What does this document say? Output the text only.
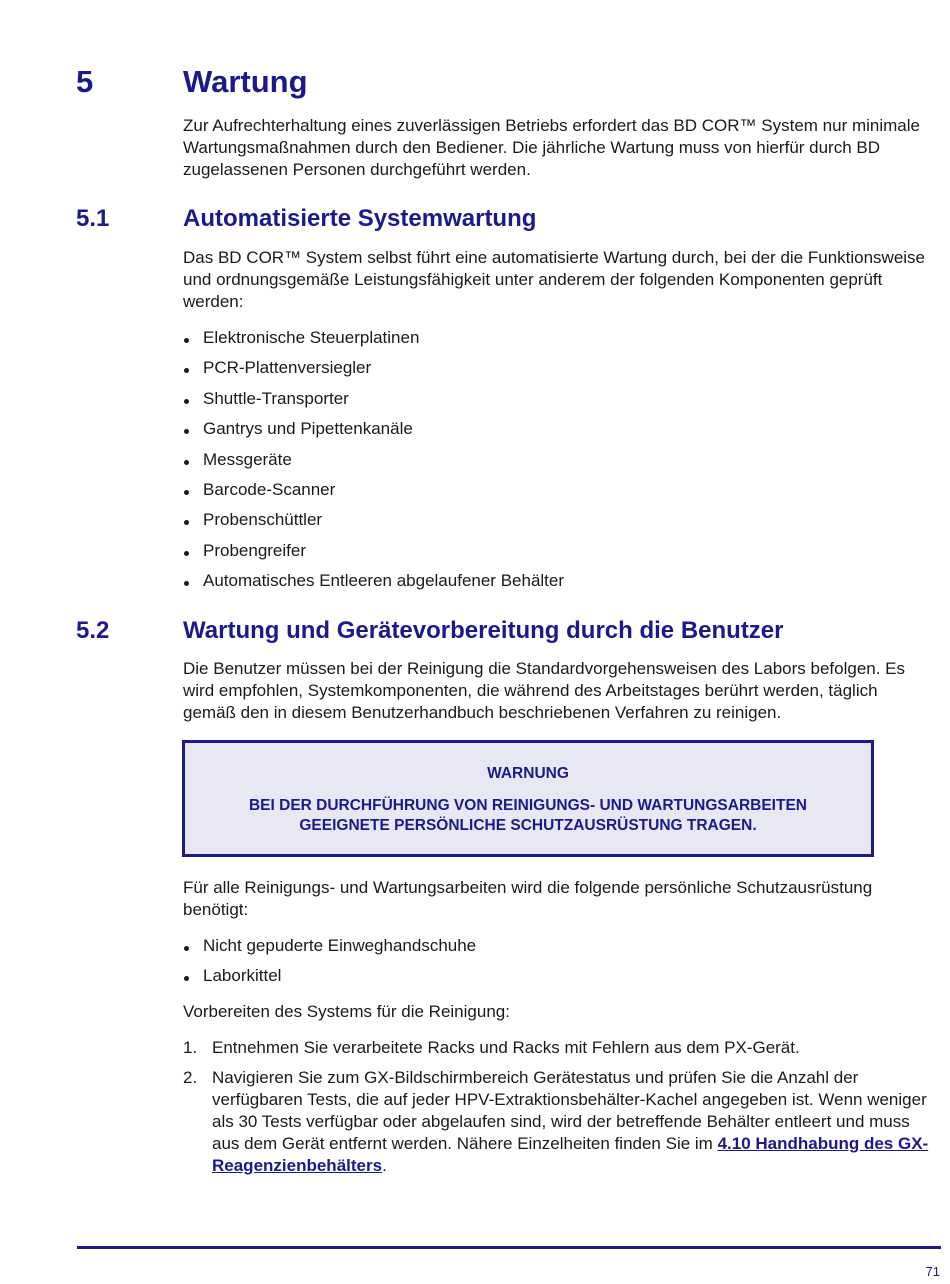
5	Wartung

Zur Aufrechterhaltung eines zuverlässigen Betriebs erfordert das BD COR™ System nur minimale Wartungsmaßnahmen durch den Bediener. Die jährliche Wartung muss von hierfür durch BD zugelassenen Personen durchgeführt werden.

5.1	Automatisierte Systemwartung

Das BD COR™ System selbst führt eine automatisierte Wartung durch, bei der die Funktionsweise und ordnungsgemäße Leistungsfähigkeit unter anderem der folgenden Komponenten geprüft werden:

Elektronische Steuerplatinen
PCR-Plattenversiegler
Shuttle-Transporter
Gantrys und Pipettenkanäle
Messgeräte
Barcode-Scanner
Probenschüttler
Probengreifer
Automatisches Entleeren abgelaufener Behälter
5.2	Wartung und Gerätevorbereitung durch die Benutzer

Die Benutzer müssen bei der Reinigung die Standardvorgehensweisen des Labors befolgen. Es wird empfohlen, Systemkomponenten, die während des Arbeitstages berührt werden, täglich gemäß den in diesem Benutzerhandbuch beschriebenen Verfahren zu reinigen.

WARNUNG
BEI DER DURCHFÜHRUNG VON REINIGUNGS- UND WARTUNGSARBEITEN GEEIGNETE PERSÖNLICHE SCHUTZAUSRÜSTUNG TRAGEN.

Für alle Reinigungs- und Wartungsarbeiten wird die folgende persönliche Schutzausrüstung benötigt:

Nicht gepuderte Einweghandschuhe
Laborkittel

Vorbereiten des Systems für die Reinigung:

1. Entnehmen Sie verarbeitete Racks und Racks mit Fehlern aus dem PX-Gerät.
2. Navigieren Sie zum GX-Bildschirmbereich Gerätestatus und prüfen Sie die Anzahl der verfügbaren Tests, die auf jeder HPV-Extraktionsbehälter-Kachel angegeben ist. Wenn weniger als 30 Tests verfügbar oder abgelaufen sind, wird der betreffende Behälter entleert und muss aus dem Gerät entfernt werden. Nähere Einzelheiten finden Sie im 4.10 Handhabung des GX-Reagenzienbehälters.
71
